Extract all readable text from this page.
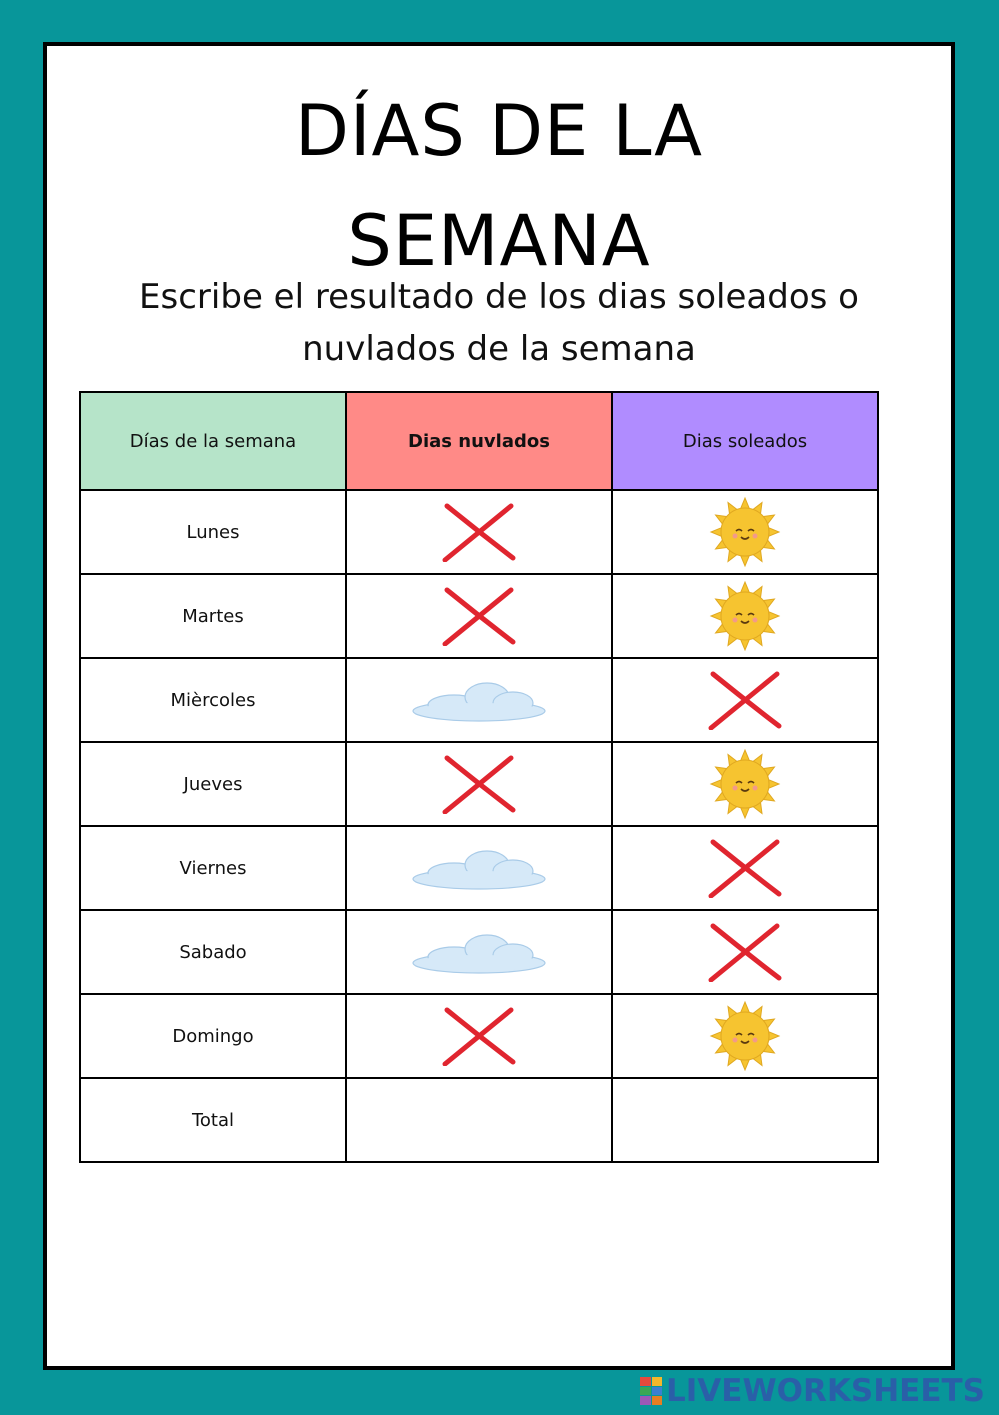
DÍAS DE LA
SEMANA
Escribe el resultado de los dias soleados o
nuvlados de la semana
Días de la semana	Dias nuvlados	Dias soleados
Lunes		
Martes		
Mièrcoles		
Jueves		
Viernes		
Sabado		
Domingo		
Total		
LIVEWORKSHEETS
